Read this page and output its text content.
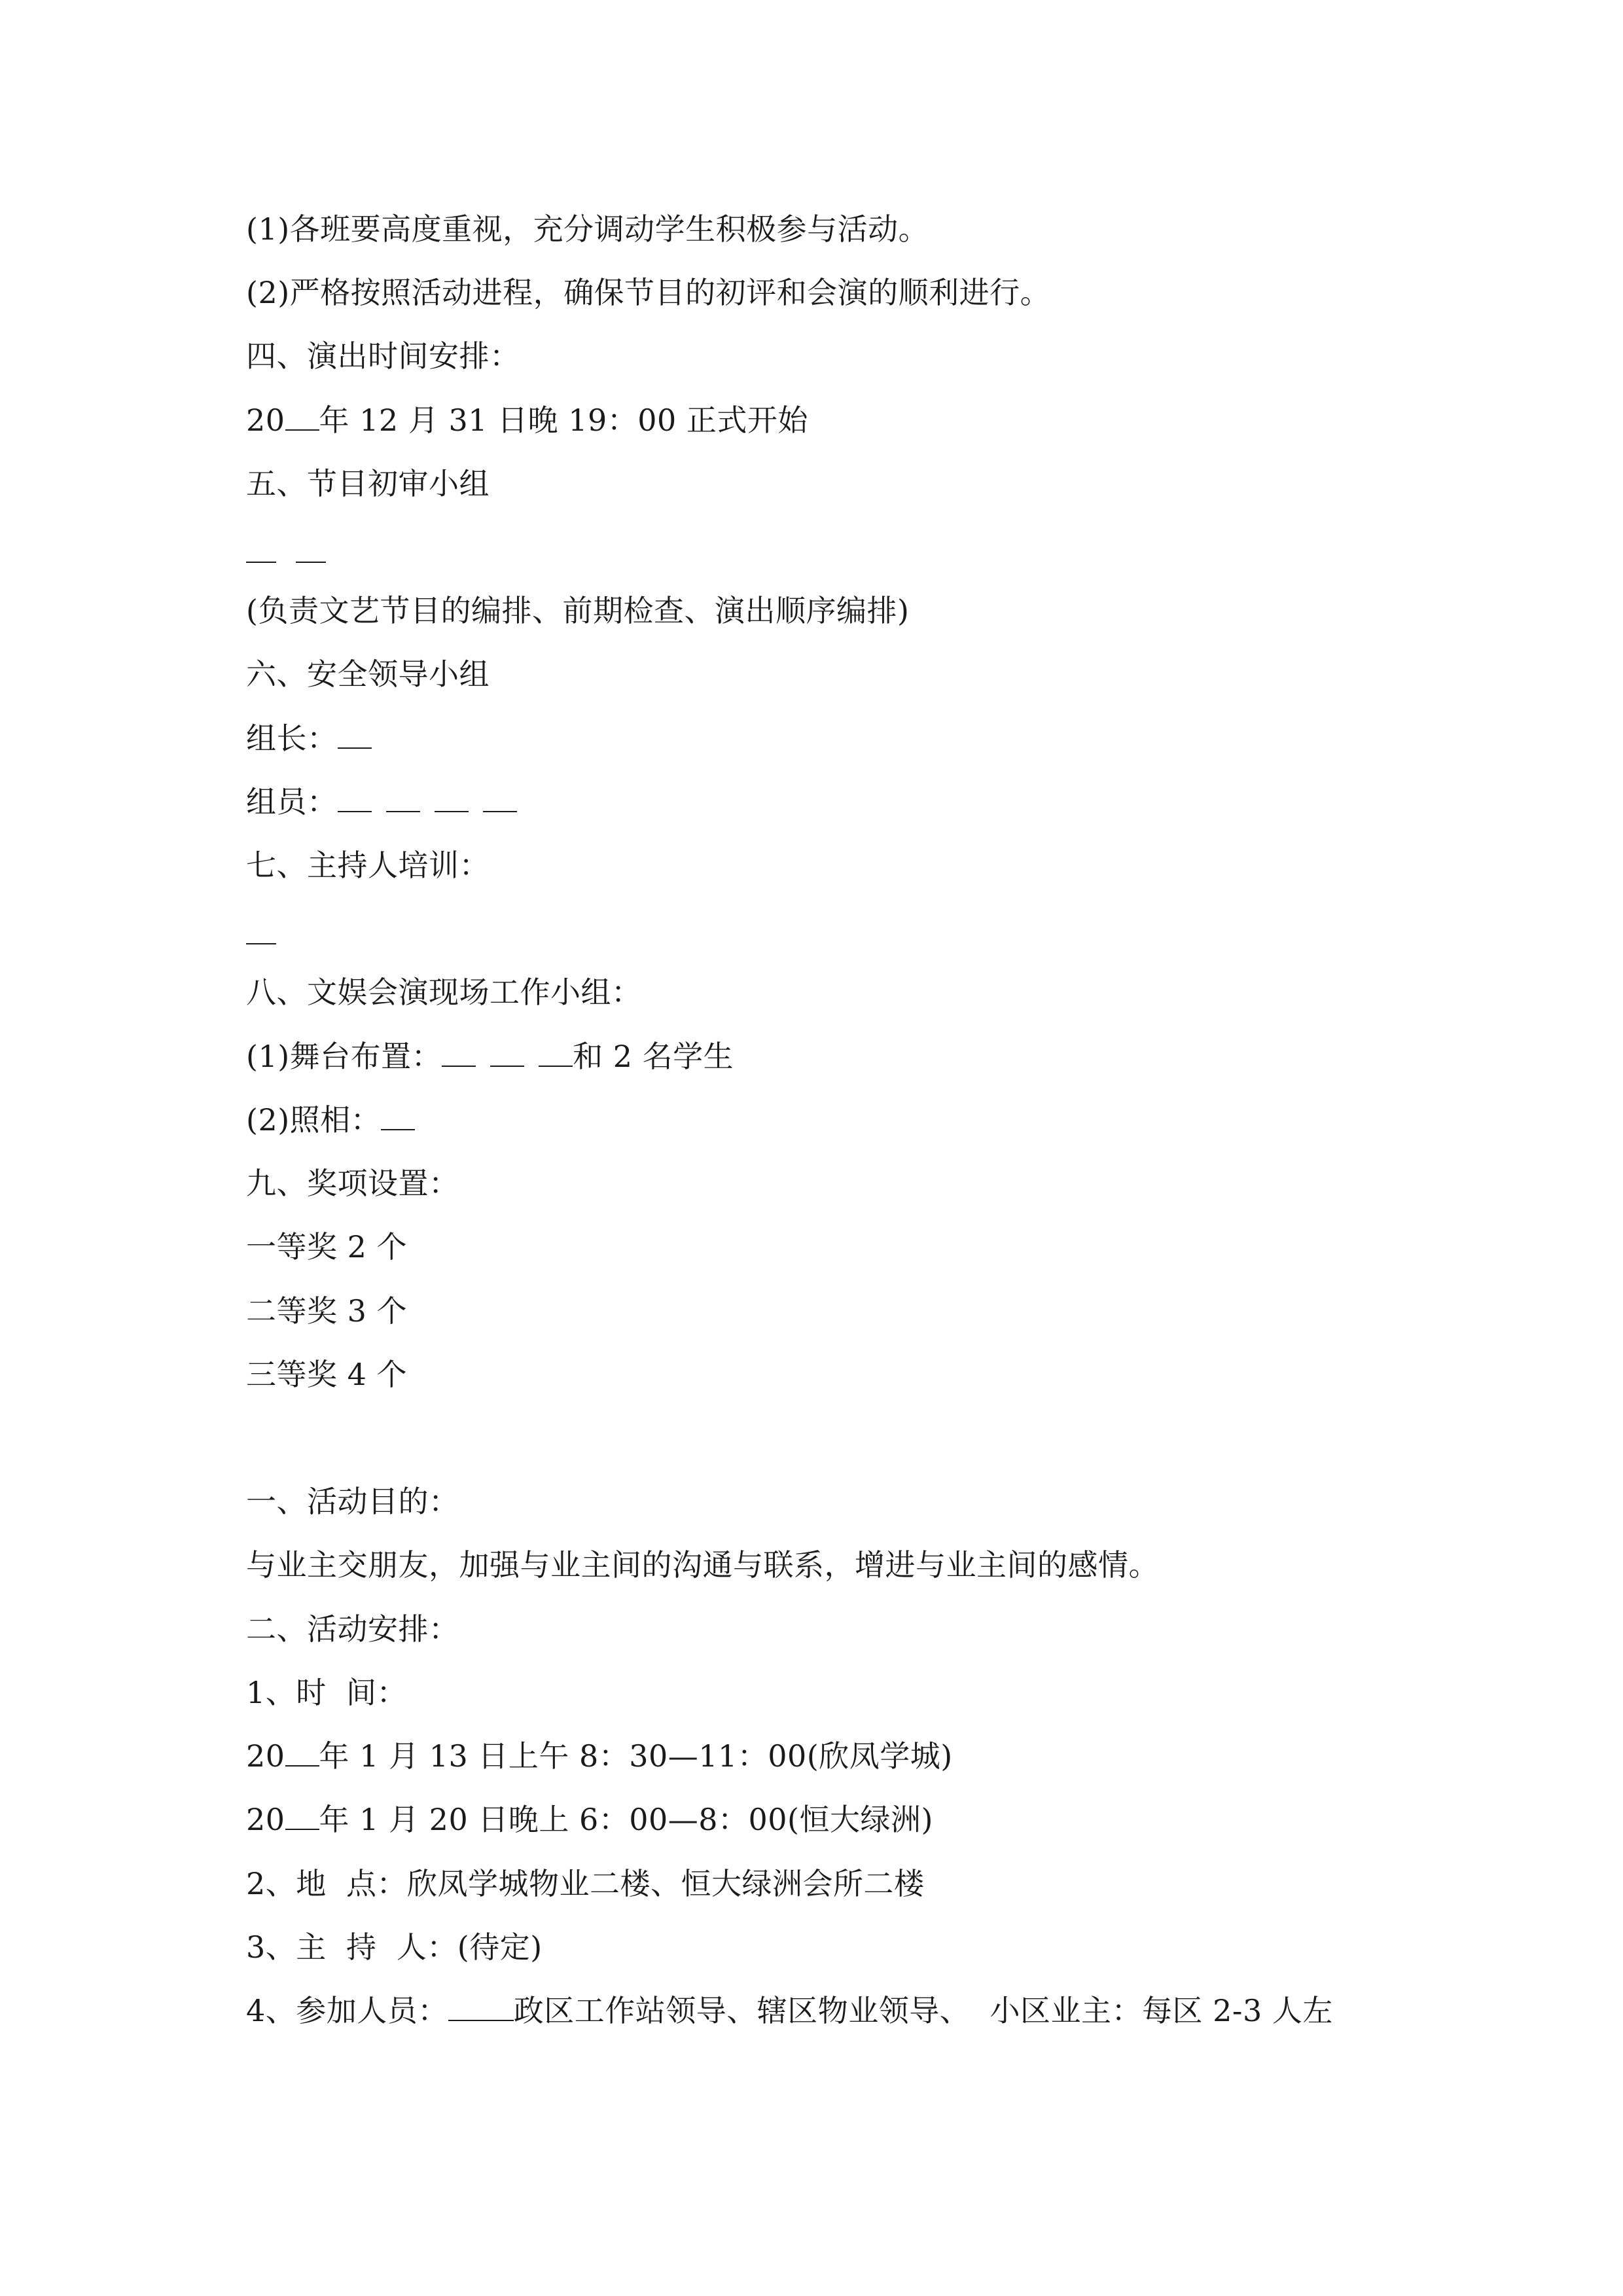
(1)各班要高度重视，充分调动学生积极参与活动。
(2)严格按照活动进程，确保节目的初评和会演的顺利进行。
四、演出时间安排：
20 年 12 月 31 日晚 19：00 正式开始
五、节目初审小组
(负责文艺节目的编排、前期检查、演出顺序编排)
六、安全领导小组
组长：
组员：
七、主持人培训：
八、文娱会演现场工作小组：
(1)舞台布置：	和 2 名学生
(2)照相：
九、奖项设置：
一等奖 2 个
二等奖 3 个
三等奖 4 个
一、活动目的：
与业主交朋友，加强与业主间的沟通与联系，增进与业主间的感情。
二、活动安排：
1、时  间：
20 年 1 月 13 日上午 8：30—11：00(欣凤学城)
20 年 1 月 20 日晚上 6：00—8：00(恒大绿洲)
2、地  点：欣凤学城物业二楼、恒大绿洲会所二楼
3、主  持  人：(待定)
4、参加人员： 政区工作站领导、辖区物业领导、  小区业主：每区 2-3 人左
